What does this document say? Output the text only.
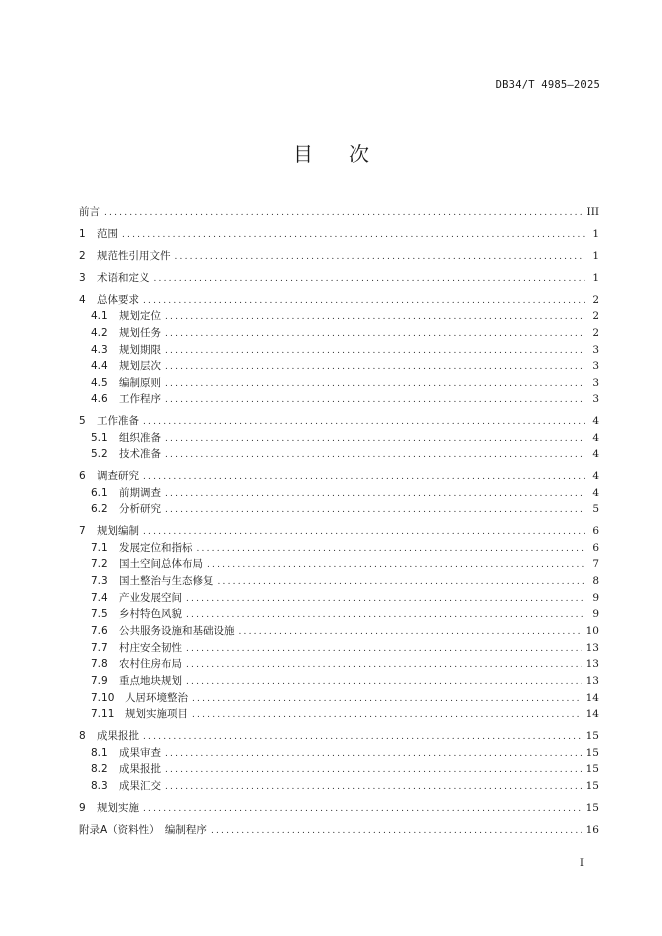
DB34/T 4985—2025
目次
前言 .....	III
1	范围 .....	1
2	规范性引用文件 .....	1
3	术语和定义 .....	1
4	总体要求 .....	2
4.1	规划定位 .....	2
4.2	规划任务 .....	2
4.3	规划期限 .....	3
4.4	规划层次 .....	3
4.5	编制原则 .....	3
4.6	工作程序 .....	3
5	工作准备 .....	4
5.1	组织准备 .....	4
5.2	技术准备 .....	4
6	调查研究 .....	4
6.1	前期调查 .....	4
6.2	分析研究 .....	5
7	规划编制 .....	6
7.1	发展定位和指标 .....	6
7.2	国土空间总体布局 .....	7
7.3	国土整治与生态修复 .....	8
7.4	产业发展空间 .....	9
7.5	乡村特色风貌 .....	9
7.6	公共服务设施和基础设施 .....	10
7.7	村庄安全韧性 .....	13
7.8	农村住房布局 .....	13
7.9	重点地块规划 .....	13
7.10	人居环境整治 .....	14
7.11	规划实施项目 .....	14
8	成果报批 .....	15
8.1	成果审查 .....	15
8.2	成果报批 .....	15
8.3	成果汇交 .....	15
9	规划实施 .....	15
附录A（资料性）　编制程序 .....	16
I
